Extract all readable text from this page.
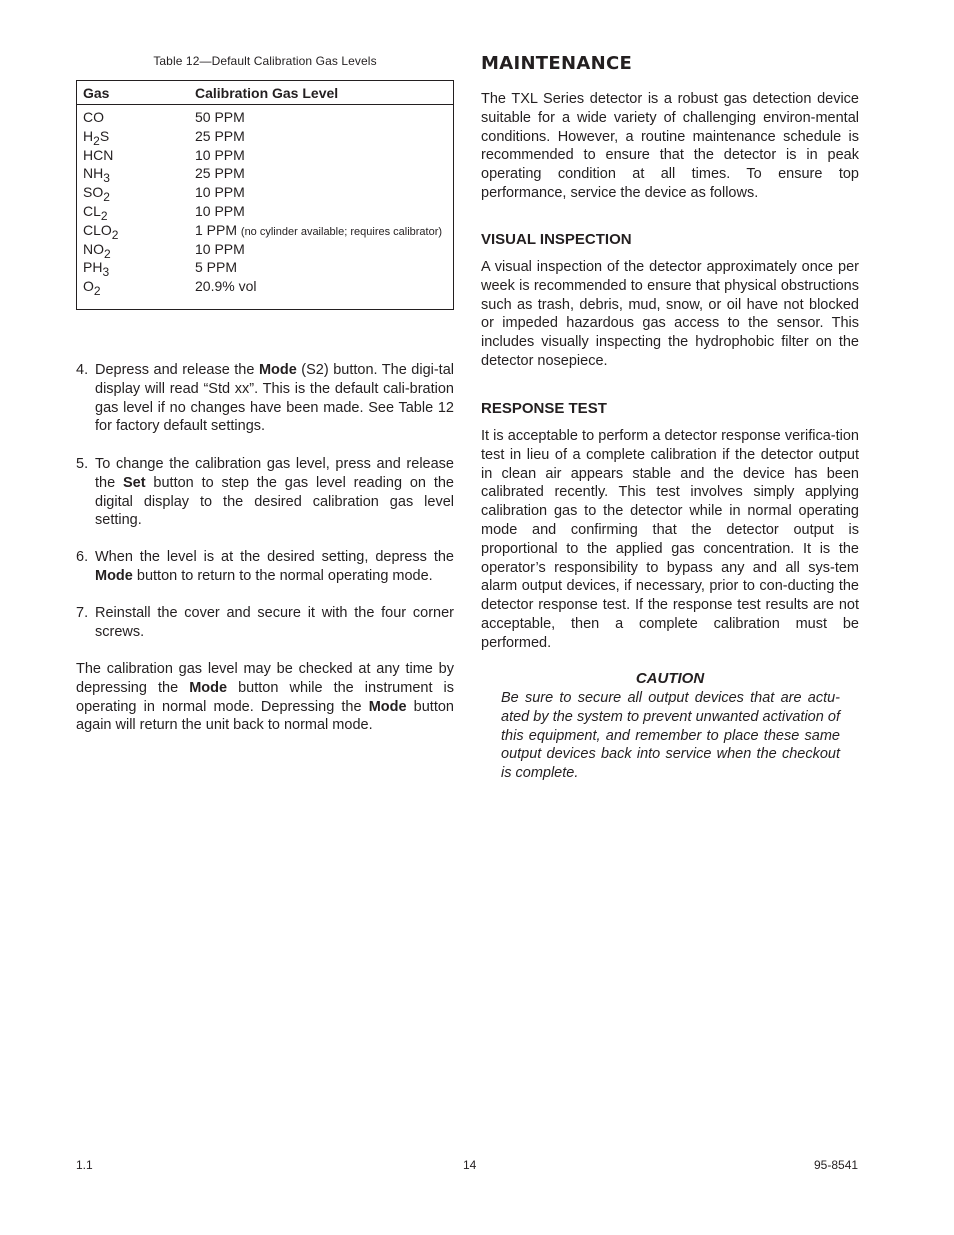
Table 12—Default Calibration Gas Levels
Gas	Calibration Gas Level
CO	50 PPM
$H_2S$	25 PPM
HCN	10 PPM
$NH_3$	25 PPM
$SO_2$	10 PPM
$CL_2$	10 PPM
$CLO_2$	1 PPM (no cylinder available; requires calibrator)
$NO_2$	10 PPM
$PH_3$	5 PPM
$O_2$	20.9% vol
4. Depress and release the Mode (S2) button. The digi-tal display will read “Std xx”. This is the default cali-bration gas level if no changes have been made. See Table 12 for factory default settings.
5. To change the calibration gas level, press and release the Set button to step the gas level reading on the digital display to the desired calibration gas level setting.
6. When the level is at the desired setting, depress the Mode button to return to the normal operating mode.
7. Reinstall the cover and secure it with the four corner screws.
The calibration gas level may be checked at any time by depressing the Mode button while the instrument is operating in normal mode. Depressing the Mode button again will return the unit back to normal mode.
MAINTENANCE
The TXL Series detector is a robust gas detection device suitable for a wide variety of challenging environ-mental conditions. However, a routine maintenance schedule is recommended to ensure that the detector is in peak operating condition at all times. To ensure top performance, service the device as follows.
VISUAL INSPECTION
A visual inspection of the detector approximately once per week is recommended to ensure that physical obstructions such as trash, debris, mud, snow, or oil have not blocked or impeded hazardous gas access to the sensor. This includes visually inspecting the hydrophobic filter on the detector nosepiece.
RESPONSE TEST
It is acceptable to perform a detector response verifica-tion test in lieu of a complete calibration if the detector output in clean air appears stable and the device has been calibrated recently. This test involves simply applying calibration gas to the detector while in normal operating mode and confirming that the detector output is proportional to the applied gas concentration. It is the operator’s responsibility to bypass any and all sys-tem alarm output devices, if necessary, prior to con-ducting the detector response test. If the response test results are not acceptable, then a complete calibration must be performed.
CAUTION
Be sure to secure all output devices that are actu-ated by the system to prevent unwanted activation of this equipment, and remember to place these same output devices back into service when the checkout is complete.
1.1	14	95-8541
